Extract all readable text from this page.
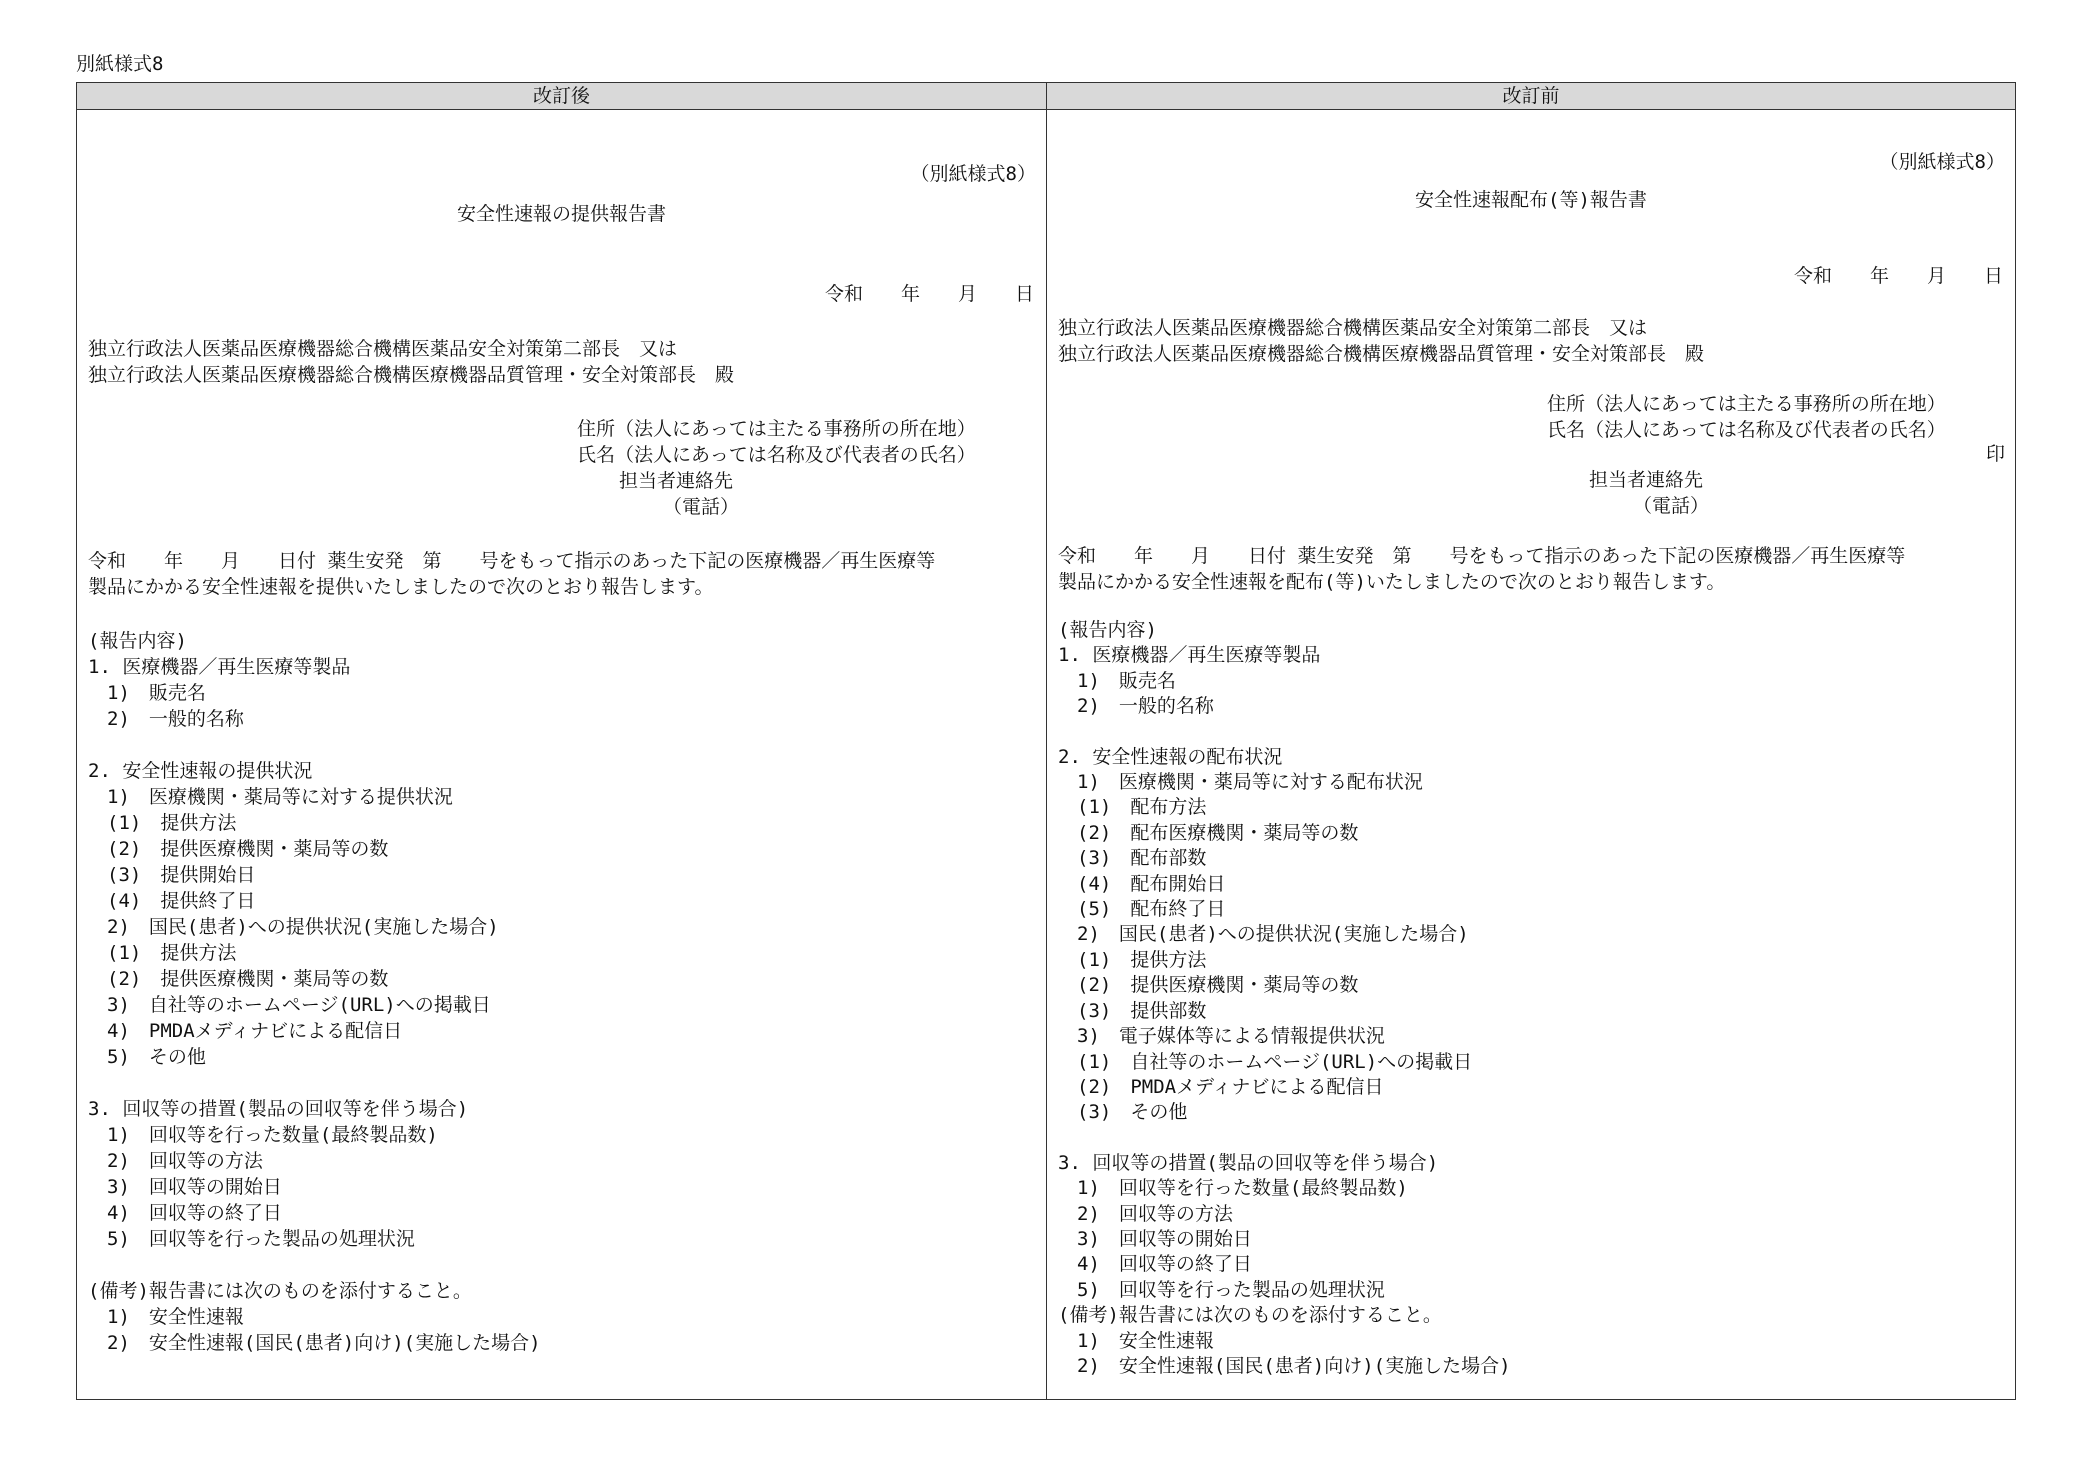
別紙様式8
改訂後
（別紙様式8）
安全性速報の提供報告書
令和　　年　　月　　日
独立行政法人医薬品医療機器総合機構医薬品安全対策第二部長　又は
独立行政法人医薬品医療機器総合機構医療機器品質管理・安全対策部長　殿
住所（法人にあっては主たる事務所の所在地）
氏名（法人にあっては名称及び代表者の氏名）
担当者連絡先
（電話）
令和　　年　　月　　日付 薬生安発　第　　号をもって指示のあった下記の医療機器／再生医療等
製品にかかる安全性速報を提供いたしましたので次のとおり報告します。
(報告内容)
1. 医療機器／再生医療等製品
　1)　販売名
　2)　一般的名称
2. 安全性速報の提供状況
　1)　医療機関・薬局等に対する提供状況
　(1)　提供方法
　(2)　提供医療機関・薬局等の数
　(3)　提供開始日
　(4)　提供終了日
　2)　国民(患者)への提供状況(実施した場合)
　(1)　提供方法
　(2)　提供医療機関・薬局等の数
　3)　自社等のホームページ(URL)への掲載日
　4)　PMDAメディナビによる配信日
　5)　その他
3. 回収等の措置(製品の回収等を伴う場合)
　1)　回収等を行った数量(最終製品数)
　2)　回収等の方法
　3)　回収等の開始日
　4)　回収等の終了日
　5)　回収等を行った製品の処理状況
(備考)報告書には次のものを添付すること。
　1)　安全性速報
　2)　安全性速報(国民(患者)向け)(実施した場合)
改訂前
（別紙様式8）
安全性速報配布(等)報告書
令和　　年　　月　　日
独立行政法人医薬品医療機器総合機構医薬品安全対策第二部長　又は
独立行政法人医薬品医療機器総合機構医療機器品質管理・安全対策部長　殿
住所（法人にあっては主たる事務所の所在地）
氏名（法人にあっては名称及び代表者の氏名）
印
担当者連絡先
（電話）
令和　　年　　月　　日付 薬生安発　第　　号をもって指示のあった下記の医療機器／再生医療等
製品にかかる安全性速報を配布(等)いたしましたので次のとおり報告します。
(報告内容)
1. 医療機器／再生医療等製品
　1)　販売名
　2)　一般的名称
2. 安全性速報の配布状況
　1)　医療機関・薬局等に対する配布状況
　(1)　配布方法
　(2)　配布医療機関・薬局等の数
　(3)　配布部数
　(4)　配布開始日
　(5)　配布終了日
　2)　国民(患者)への提供状況(実施した場合)
　(1)　提供方法
　(2)　提供医療機関・薬局等の数
　(3)　提供部数
　3)　電子媒体等による情報提供状況
　(1)　自社等のホームページ(URL)への掲載日
　(2)　PMDAメディナビによる配信日
　(3)　その他
3. 回収等の措置(製品の回収等を伴う場合)
　1)　回収等を行った数量(最終製品数)
　2)　回収等の方法
　3)　回収等の開始日
　4)　回収等の終了日
　5)　回収等を行った製品の処理状況
(備考)報告書には次のものを添付すること。
　1)　安全性速報
　2)　安全性速報(国民(患者)向け)(実施した場合)
